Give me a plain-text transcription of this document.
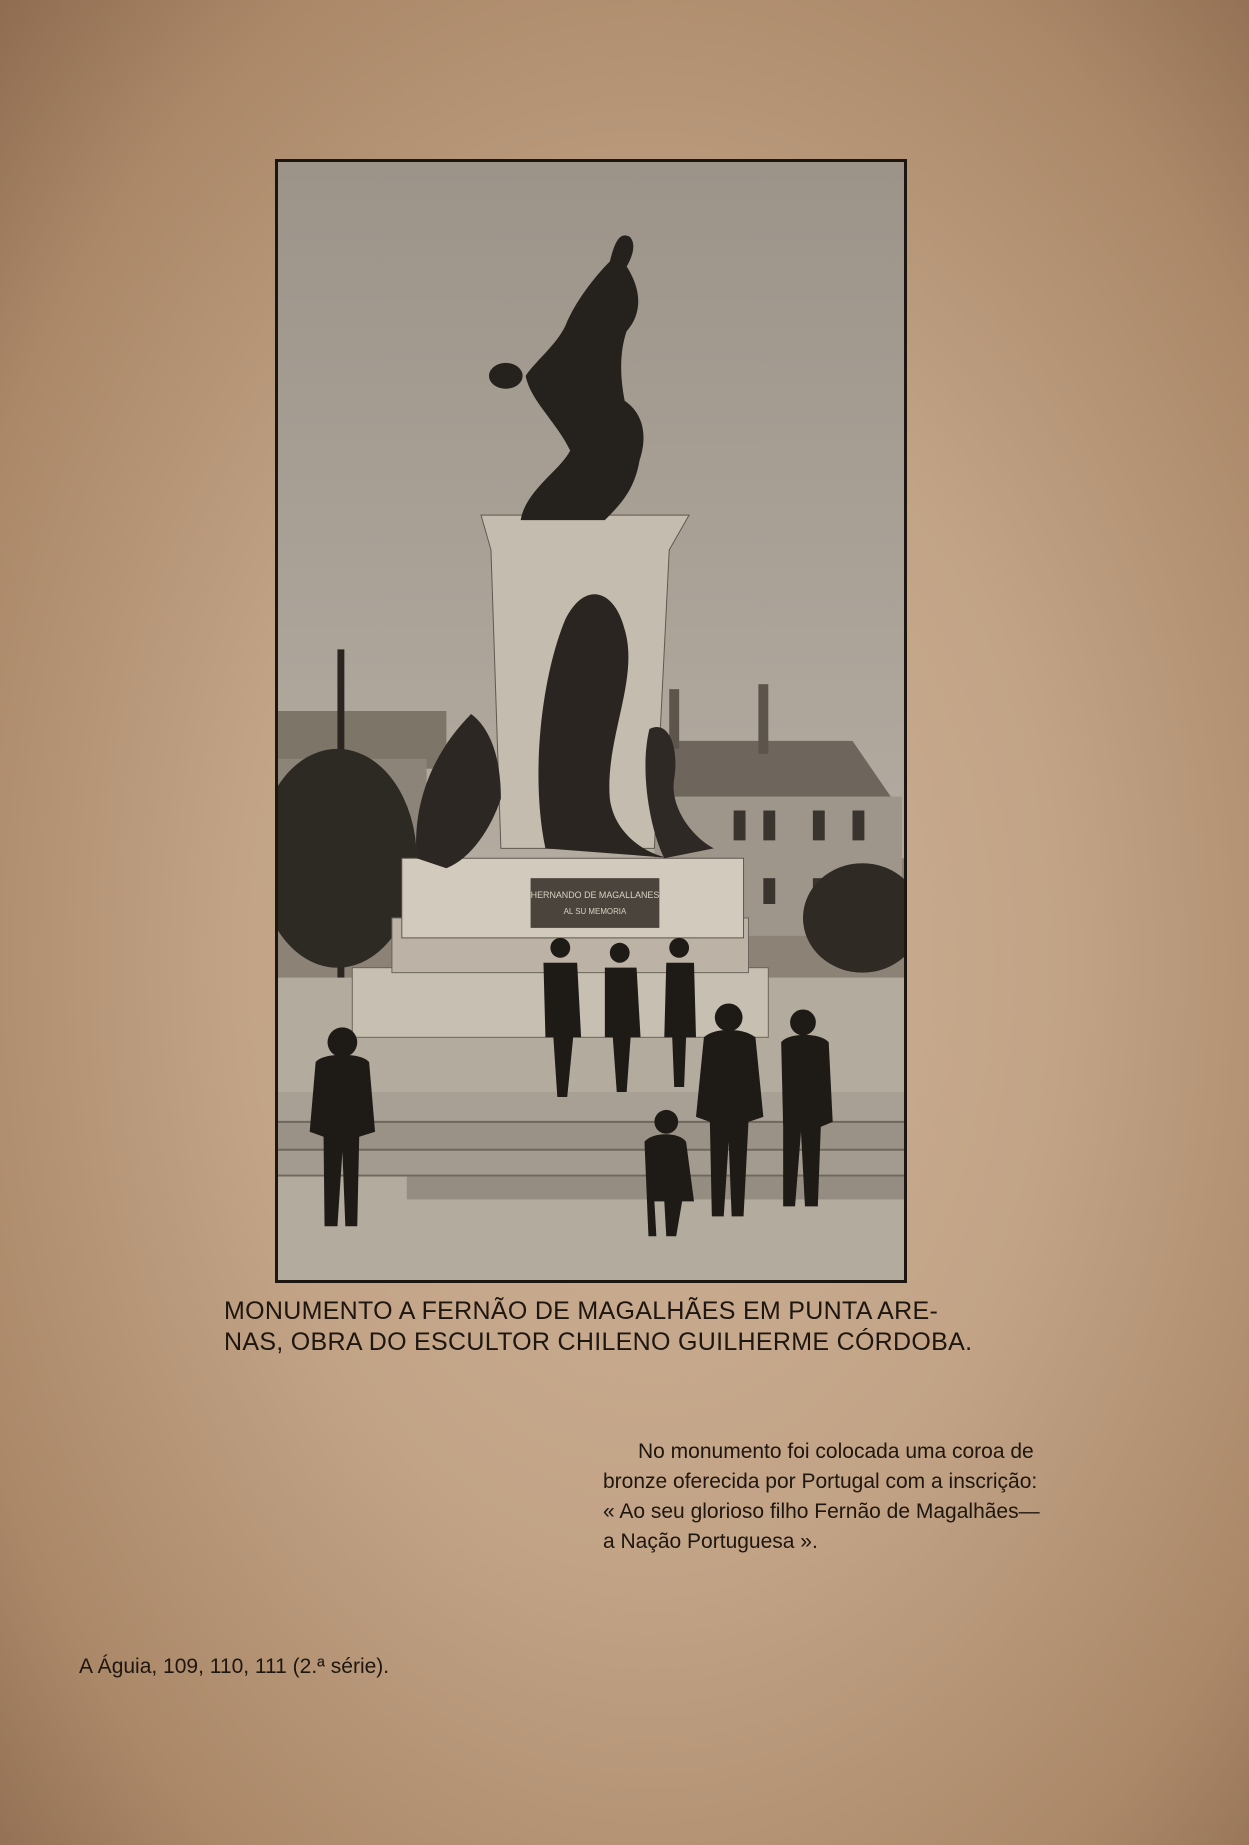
HERNANDO DE MAGALLANES
AL SU MEMORIA
MONUMENTO A FERNÃO DE MAGALHÃES EM PUNTA ARE-
NAS, OBRA DO ESCULTOR CHILENO GUILHERME CÓRDOBA.
No monumento foi colocada uma coroa de
bronze oferecida por Portugal com a inscrição:
« Ao seu glorioso filho Fernão de Magalhães—
a Nação Portuguesa ».
A Águia, 109, 110, 111 (2.ª série).
